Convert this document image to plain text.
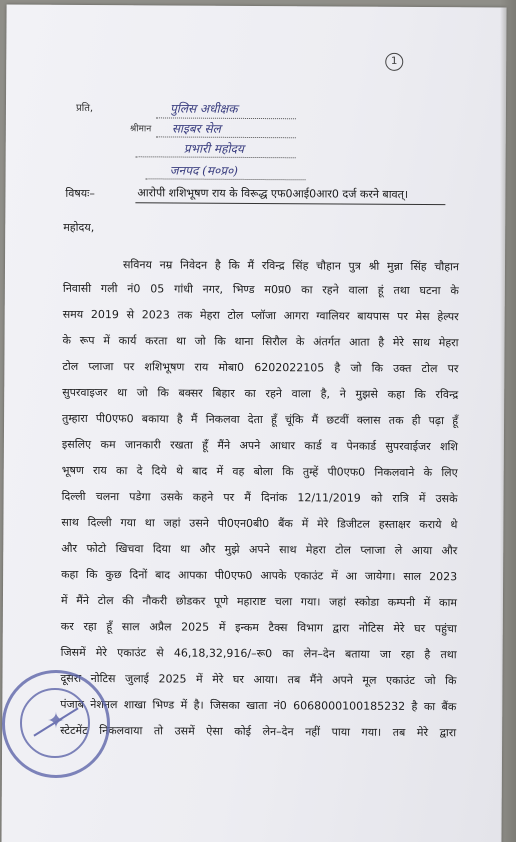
1
प्रति,
श्रीमान
पुलिस अधीक्षक
साइबर सेल
प्रभारी महोदय
जनपद (म०प्र०)
विषयः–	आरोपी शशिभूषण राय के विरूद्ध एफ0आई0आर0 दर्ज करने बावत्।
महोदय,
सविनय नम्र निवेदन है कि मैं रविन्द्र सिंह चौहान पुत्र श्री मुन्ना सिंह चौहान
निवासी गली नं0 05 गांधी नगर, भिण्ड म0प्र0 का रहने वाला हूं तथा घटना के
समय 2019 से 2023 तक मेहरा टोल प्लॉजा आगरा ग्वालियर बायपास पर मेस हेल्पर
के रूप में कार्य करता था जो कि थाना सिरौल के अंतर्गत आता है मेरे साथ मेहरा
टोल प्लाजा पर शशिभूषण राय मोबा0 6202022105 है जो कि उक्त टोल पर
सुपरवाइजर था जो कि बक्सर बिहार का रहने वाला है, ने मुझसे कहा कि रविन्द्र
तुम्हारा पी0एफ0 बकाया है मैं निकलवा देता हूँ चूंकि मैं छटवीं क्लास तक ही पढ़ा हूँ
इसलिए कम जानकारी रखता हूँ मैंने अपने आधार कार्ड व पेनकार्ड सुपरवाईजर शशि
भूषण राय का दे दिये थे बाद में वह बोला कि तुम्हें पी0एफ0 निकलवाने के लिए
दिल्ली चलना पडेगा उसके कहने पर मैं दिनांक 12/11/2019 को रात्रि में उसके
साथ दिल्ली गया था जहां उसने पी0एन0बी0 बैंक में मेरे डिजीटल हस्ताक्षर कराये थे
और फोटो खिचवा दिया था और मुझे अपने साथ मेहरा टोल प्लाजा ले आया और
कहा कि कुछ दिनों बाद आपका पी0एफ0 आपके एकाउंट में आ जायेगा। साल 2023
में मैंने टोल की नौकरी छोडकर पूणे महाराष्ट चला गया। जहां स्कोडा कम्पनी में काम
कर रहा हूँ साल अप्रैल 2025 में इन्कम टैक्स विभाग द्वारा नोटिस मेरे घर पहुंचा
जिसमें मेरे एकाउंट से 46,18,32,916/–रू0 का लेन–देन बताया जा रहा है तथा
दूसरा नोटिस जुलाई 2025 में मेरे घर आया। तब मैंने अपने मूल एकाउंट जो कि
पंजाब नेशनल शाखा भिण्ड में है। जिसका खाता नं0 6068000100185232 है का बैंक
स्टेटमेंट निकलवाया तो उसमें ऐसा कोई लेन–देन नहीं पाया गया। तब मेरे द्वारा
✦
